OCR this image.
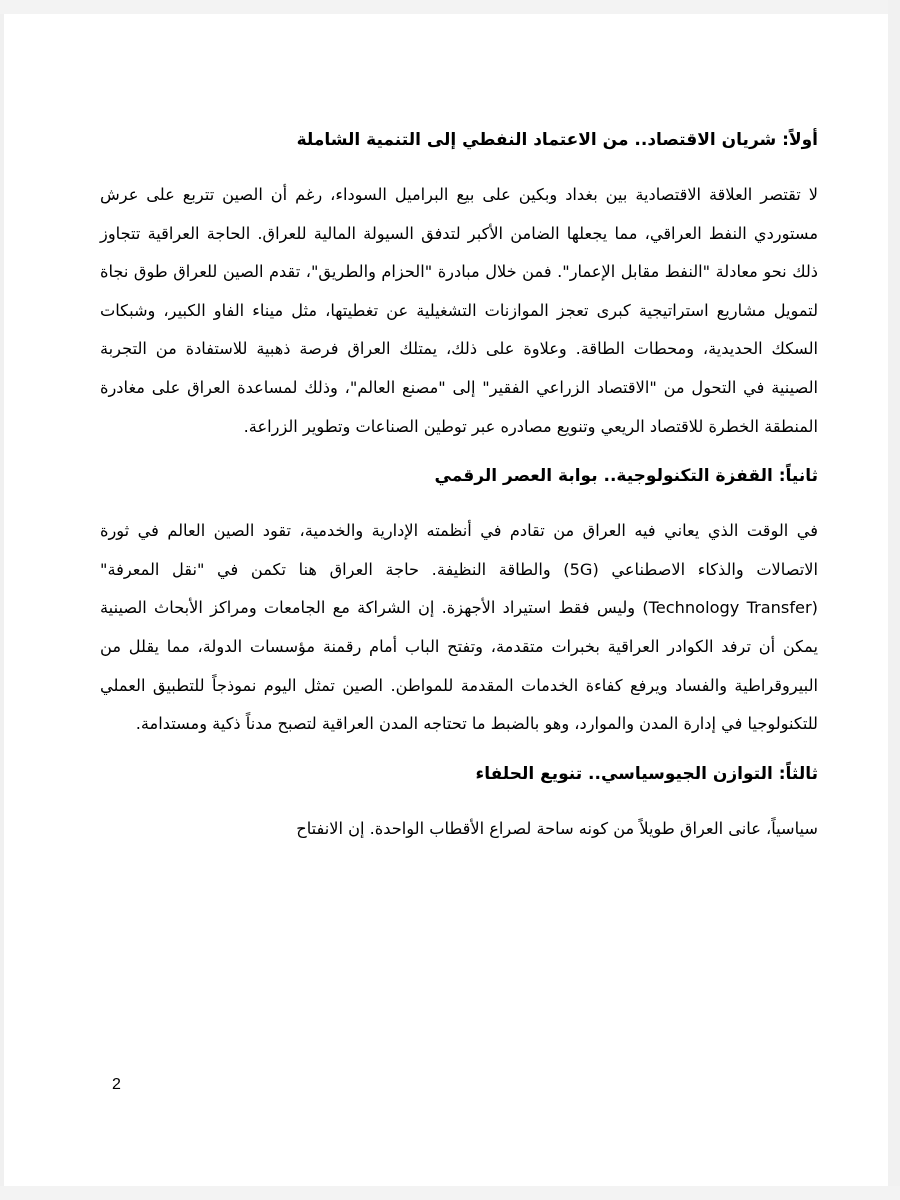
أولاً: شريان الاقتصاد.. من الاعتماد النفطي إلى التنمية الشاملة

لا تقتصر العلاقة الاقتصادية بين بغداد وبكين على بيع البراميل السوداء، رغم أن الصين تتربع على عرش مستوردي النفط العراقي، مما يجعلها الضامن الأكبر لتدفق السيولة المالية للعراق. الحاجة العراقية تتجاوز ذلك نحو معادلة "النفط مقابل الإعمار". فمن خلال مبادرة "الحزام والطريق"، تقدم الصين للعراق طوق نجاة لتمويل مشاريع استراتيجية كبرى تعجز الموازنات التشغيلية عن تغطيتها، مثل ميناء الفاو الكبير، وشبكات السكك الحديدية، ومحطات الطاقة. وعلاوة على ذلك، يمتلك العراق فرصة ذهبية للاستفادة من التجربة الصينية في التحول من "الاقتصاد الزراعي الفقير" إلى "مصنع العالم"، وذلك لمساعدة العراق على مغادرة المنطقة الخطرة للاقتصاد الريعي وتنويع مصادره عبر توطين الصناعات وتطوير الزراعة.

ثانياً: القفزة التكنولوجية.. بوابة العصر الرقمي

في الوقت الذي يعاني فيه العراق من تقادم في أنظمته الإدارية والخدمية، تقود الصين العالم في ثورة الاتصالات والذكاء الاصطناعي (5G) والطاقة النظيفة. حاجة العراق هنا تكمن في "نقل المعرفة" (Technology Transfer) وليس فقط استيراد الأجهزة. إن الشراكة مع الجامعات ومراكز الأبحاث الصينية يمكن أن ترفد الكوادر العراقية بخبرات متقدمة، وتفتح الباب أمام رقمنة مؤسسات الدولة، مما يقلل من البيروقراطية والفساد ويرفع كفاءة الخدمات المقدمة للمواطن. الصين تمثل اليوم نموذجاً للتطبيق العملي للتكنولوجيا في إدارة المدن والموارد، وهو بالضبط ما تحتاجه المدن العراقية لتصبح مدناً ذكية ومستدامة.

ثالثاً: التوازن الجيوسياسي.. تنويع الحلفاء

سياسياً، عانى العراق طويلاً من كونه ساحة لصراع الأقطاب الواحدة. إن الانفتاح

2
